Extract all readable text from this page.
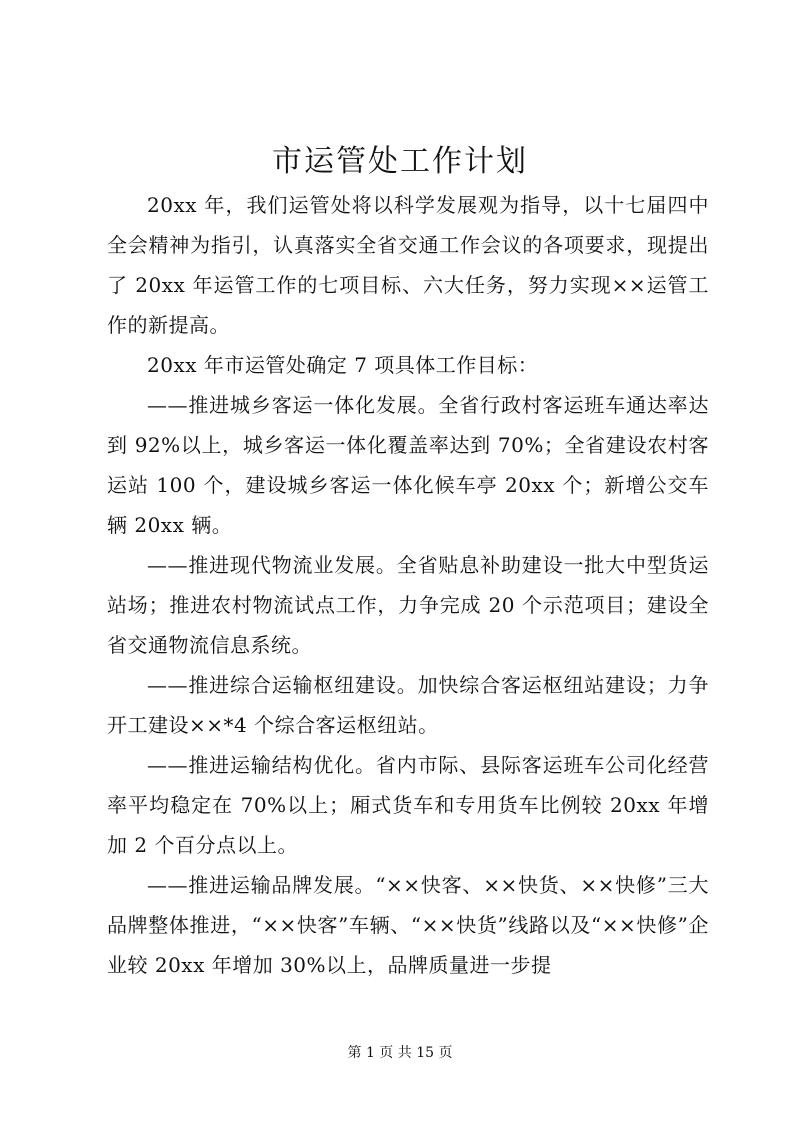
市运管处工作计划

20xx 年，我们运管处将以科学发展观为指导，以十七届四中全会精神为指引，认真落实全省交通工作会议的各项要求，现提出了 20xx 年运管工作的七项目标、六大任务，努力实现××运管工作的新提高。

20xx 年市运管处确定 7 项具体工作目标：

——推进城乡客运一体化发展。全省行政村客运班车通达率达到 92%以上，城乡客运一体化覆盖率达到 70%；全省建设农村客运站 100 个，建设城乡客运一体化候车亭 20xx 个；新增公交车辆 20xx 辆。

——推进现代物流业发展。全省贴息补助建设一批大中型货运站场；推进农村物流试点工作，力争完成 20 个示范项目；建设全省交通物流信息系统。

——推进综合运输枢纽建设。加快综合客运枢纽站建设；力争开工建设××*4 个综合客运枢纽站。

——推进运输结构优化。省内市际、县际客运班车公司化经营率平均稳定在 70%以上；厢式货车和专用货车比例较 20xx 年增加 2 个百分点以上。

——推进运输品牌发展。“××快客、××快货、××快修”三大品牌整体推进，“××快客”车辆、“××快货”线路以及“××快修”企业较 20xx 年增加 30%以上，品牌质量进一步提

第 1 页 共 15 页
